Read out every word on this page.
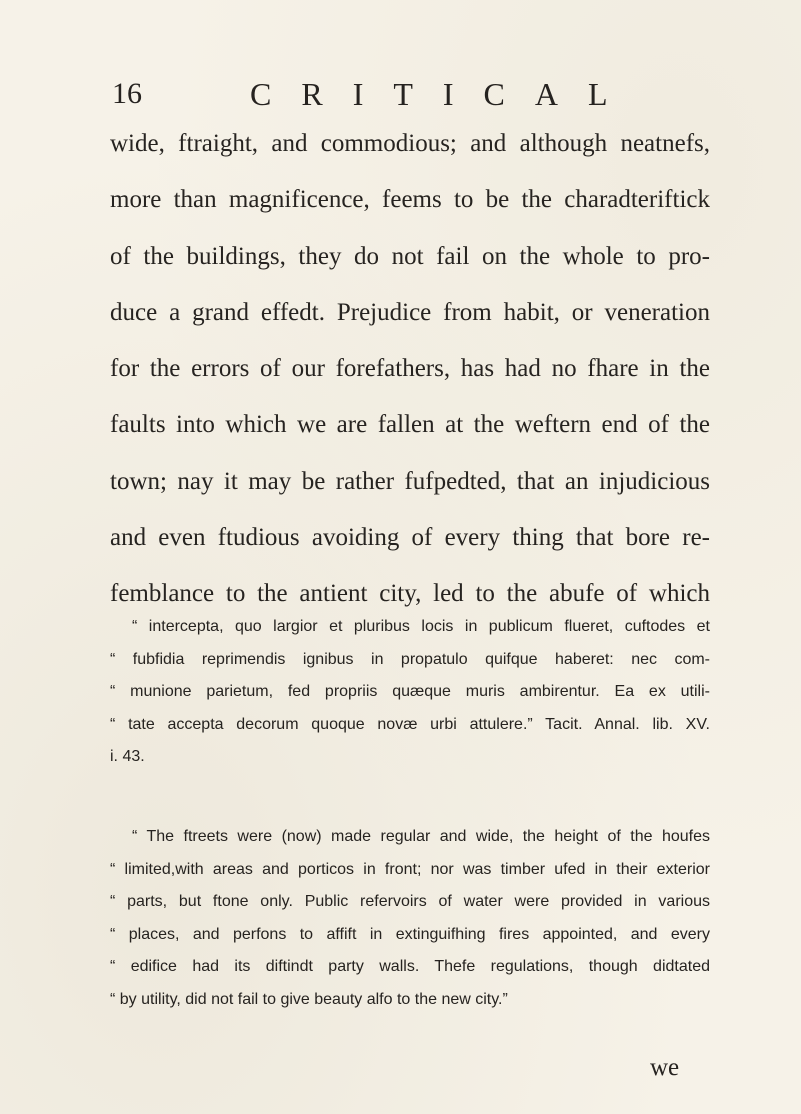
16	CRITICAL

wide, ftraight, and commodious; and although neatnefs,
more than magnificence, feems to be the charadteriftick
of the buildings, they do not fail on the whole to pro-
duce a grand effedt. Prejudice from habit, or veneration
for the errors of our forefathers, has had no fhare in the
faults into which we are fallen at the weftern end of the
town; nay it may be rather fufpedted, that an injudicious
and even ftudious avoiding of every thing that bore re-
femblance to the antient city, led to the abufe of which

“ intercepta, quo largior et pluribus locis in publicum flueret, cuftodes et
“ fubfidia reprimendis ignibus in propatulo quifque haberet: nec com-
“ munione parietum, fed propriis quæque muris ambirentur. Ea ex utili-
“ tate accepta decorum quoque novæ urbi attulere.” Tacit. Annal. lib. XV.
i. 43.

“ The ftreets were (now) made regular and wide, the height of the houfes
“ limited,with areas and porticos in front; nor was timber ufed in their exterior
“ parts, but ftone only. Public refervoirs of water were provided in various
“ places, and perfons to affift in extinguifhing fires appointed, and every
“ edifice had its diftindt party walls. Thefe regulations, though didtated
“ by utility, did not fail to give beauty alfo to the new city.”

we
